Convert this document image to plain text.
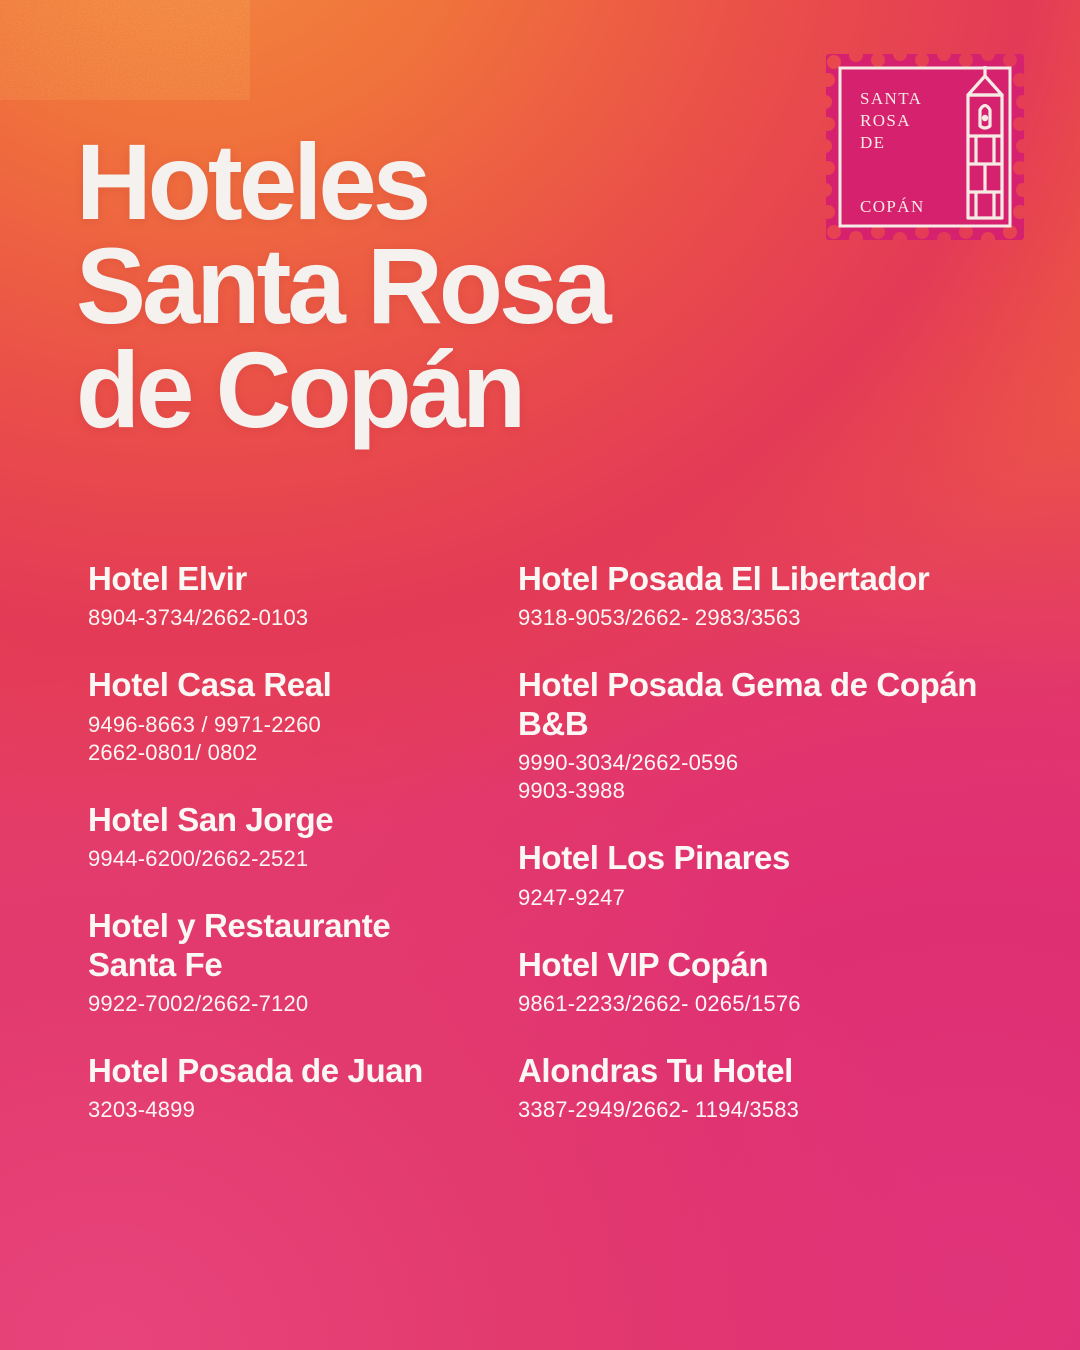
Hoteles
Santa Rosa
de Copán
SANTA
ROSA
DE
COPÁN
Hotel Elvir
8904-3734/2662-0103
Hotel Casa Real
9496-8663 / 9971-2260
2662-0801/ 0802
Hotel San Jorge
9944-6200/2662-2521
Hotel y Restaurante Santa Fe
9922-7002/2662-7120
Hotel Posada de Juan
3203-4899
Hotel Posada El Libertador
9318-9053/2662- 2983/3563
Hotel Posada Gema de Copán B&B
9990-3034/2662-0596
9903-3988
Hotel Los Pinares
9247-9247
Hotel VIP Copán
9861-2233/2662- 0265/1576
Alondras Tu Hotel
3387-2949/2662- 1194/3583
